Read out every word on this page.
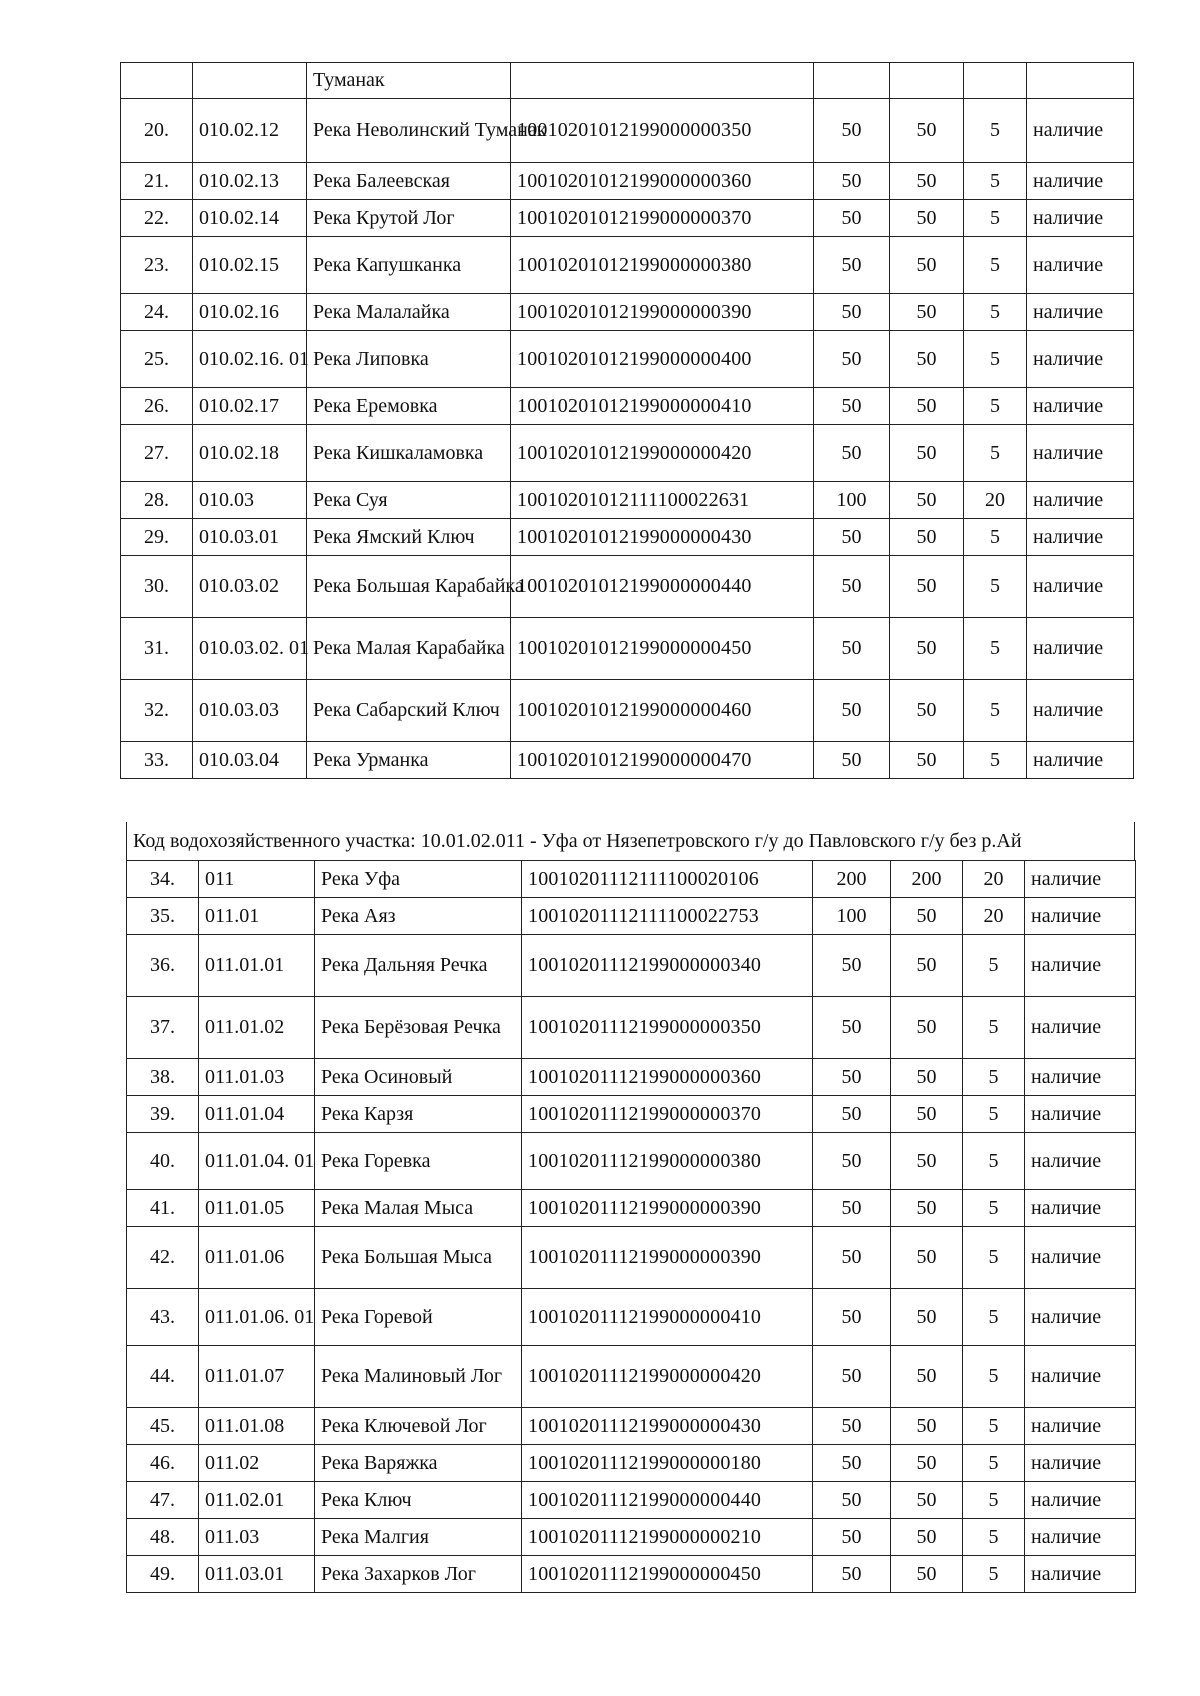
		Туманак					
20.	010.02.12	Река Неволинский Туманак	10010201012199000000350	50	50	5	наличие
21.	010.02.13	Река Балеевская	10010201012199000000360	50	50	5	наличие
22.	010.02.14	Река Крутой Лог	10010201012199000000370	50	50	5	наличие
23.	010.02.15	Река Капушканка	10010201012199000000380	50	50	5	наличие
24.	010.02.16	Река Малалайка	10010201012199000000390	50	50	5	наличие
25.	010.02.16. 01	Река Липовка	10010201012199000000400	50	50	5	наличие
26.	010.02.17	Река Еремовка	10010201012199000000410	50	50	5	наличие
27.	010.02.18	Река Кишкаламовка	10010201012199000000420	50	50	5	наличие
28.	010.03	Река Суя	10010201012111100022631	100	50	20	наличие
29.	010.03.01	Река Ямский Ключ	10010201012199000000430	50	50	5	наличие
30.	010.03.02	Река Большая Карабайка	10010201012199000000440	50	50	5	наличие
31.	010.03.02. 01	Река Малая Карабайка	10010201012199000000450	50	50	5	наличие
32.	010.03.03	Река Сабарский Ключ	10010201012199000000460	50	50	5	наличие
33.	010.03.04	Река Урманка	10010201012199000000470	50	50	5	наличие
Код водохозяйственного участка: 10.01.02.011 - Уфа от Нязепетровского г/у до Павловского г/у без р.Ай
34.	011	Река Уфа	10010201112111100020106	200	200	20	наличие
35.	011.01	Река Аяз	10010201112111100022753	100	50	20	наличие
36.	011.01.01	Река Дальняя Речка	10010201112199000000340	50	50	5	наличие
37.	011.01.02	Река Берёзовая Речка	10010201112199000000350	50	50	5	наличие
38.	011.01.03	Река Осиновый	10010201112199000000360	50	50	5	наличие
39.	011.01.04	Река Карзя	10010201112199000000370	50	50	5	наличие
40.	011.01.04. 01	Река Горевка	10010201112199000000380	50	50	5	наличие
41.	011.01.05	Река Малая Мыса	10010201112199000000390	50	50	5	наличие
42.	011.01.06	Река Большая Мыса	10010201112199000000390	50	50	5	наличие
43.	011.01.06. 01	Река Горевой	10010201112199000000410	50	50	5	наличие
44.	011.01.07	Река Малиновый Лог	10010201112199000000420	50	50	5	наличие
45.	011.01.08	Река Ключевой Лог	10010201112199000000430	50	50	5	наличие
46.	011.02	Река Варяжка	10010201112199000000180	50	50	5	наличие
47.	011.02.01	Река Ключ	10010201112199000000440	50	50	5	наличие
48.	011.03	Река Малгия	10010201112199000000210	50	50	5	наличие
49.	011.03.01	Река Захарков Лог	10010201112199000000450	50	50	5	наличие
